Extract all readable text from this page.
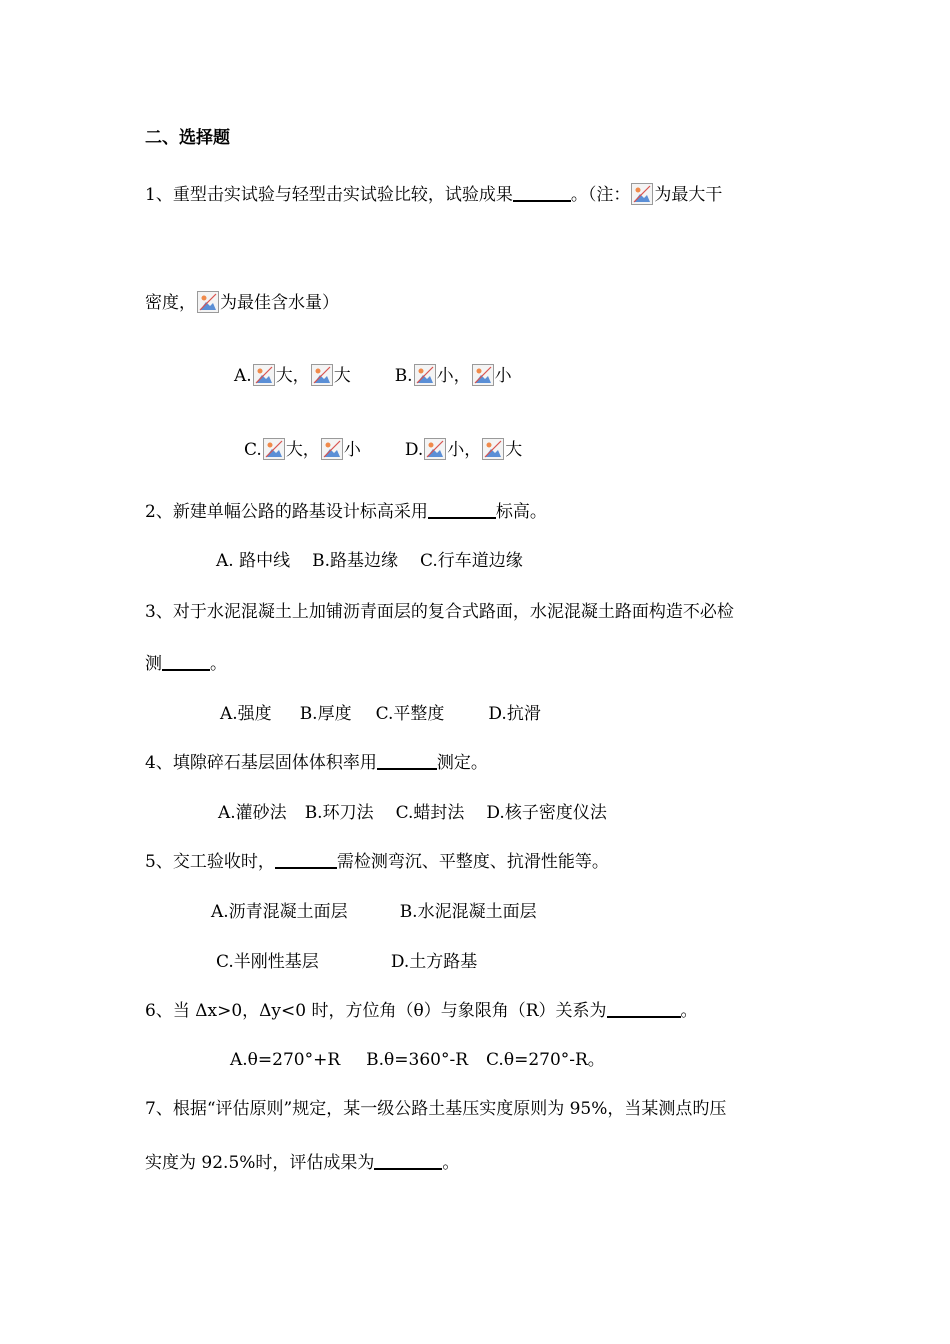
二、选择题
1、重型击实试验与轻型击实试验比较，试验成果	。（注： 为最大干
密度， 为最佳含水量）
A. 大， 大	B. 小， 小
C. 大， 小	D. 小， 大
2、新建单幅公路的路基设计标高采用	标高。
A. 路中线 B.路基边缘 C.行车道边缘
3、对于水泥混凝土上加铺沥青面层的复合式路面，水泥混凝土路面构造不必检
测	。
A.强度 B.厚度 C.平整度	D.抗滑
4、填隙碎石基层固体体积率用	测定。
A.灌砂法 B.环刀法 C.蜡封法 D.核子密度仪法
5、交工验收时，	需检测弯沉、平整度、抗滑性能等。
A.沥青混凝土面层	B.水泥混凝土面层
C.半刚性基层	D.土方路基
6、当 Δx>0，Δy<0 时，方位角（θ）与象限角（R）关系为	。
A.θ=270°+R B.θ=360°-R C.θ=270°-R。
7、根据“评估原则”规定，某一级公路土基压实度原则为 95%，当某测点旳压
实度为 92.5%时，评估成果为	。
